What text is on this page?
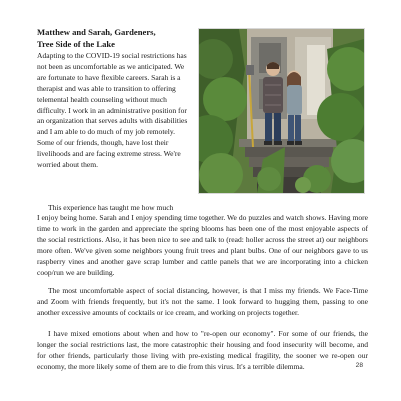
Matthew and Sarah, Gardeners,
Tree Side of the Lake

Adapting to the COVID-19 social restrictions has not been as uncomfortable as we anticipated. We are fortunate to have flexible careers. Sarah is a therapist and was able to transition to offering telemental health counseling without much difficulty. I work in an administrative position for an organization that serves adults with disabilities and I am able to do much of my job remotely. Some of our friends, though, have lost their livelihoods and are facing extreme stress. We're worried about them.

This experience has taught me how much

I enjoy being home. Sarah and I enjoy spending time together. We do puzzles and watch shows. Having more time to work in the garden and appreciate the spring blooms has been one of the most enjoyable aspects of the social restrictions. Also, it has been nice to see and talk to (read: holler across the street at) our neighbors more often. We've given some neighbors young fruit trees and plant bulbs. One of our neighbors gave to us raspberry vines and another gave scrap lumber and cattle panels that we are incorporating into a chicken coop/run we are building.

The most uncomfortable aspect of social distancing, however, is that I miss my friends. We Face-Time and Zoom with friends frequently, but it's not the same. I look forward to hugging them, passing to one another excessive amounts of cocktails or ice cream, and working on projects together.

I have mixed emotions about when and how to "re-open our economy". For some of our friends, the longer the social restrictions last, the more catastrophic their housing and food insecurity will become, and for other friends, particularly those living with pre-existing medical fragility, the sooner we re-open our economy, the more likely some of them are to die from this virus. It's a terrible dilemma.	28
